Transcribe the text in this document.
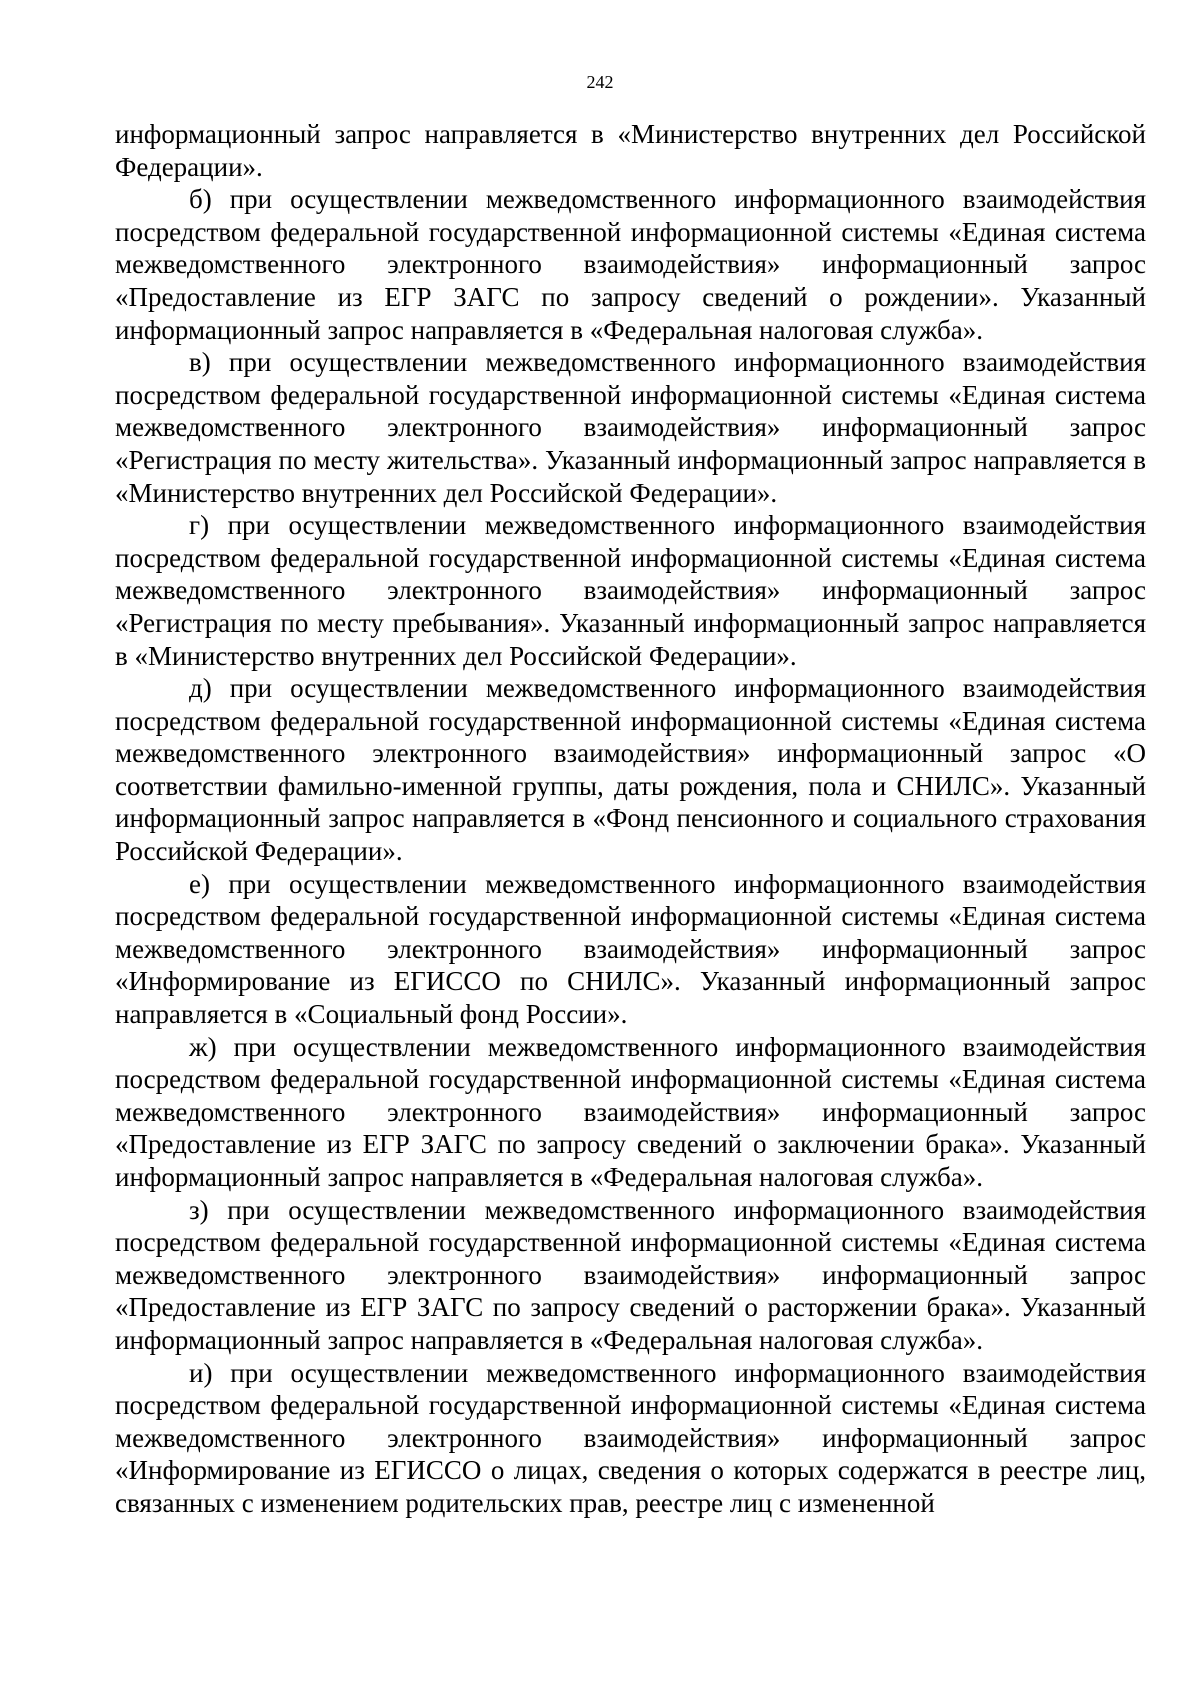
242

информационный запрос направляется в «Министерство внутренних дел Российской Федерации».

б) при осуществлении межведомственного информационного взаимодействия посредством федеральной государственной информационной системы «Единая система межведомственного электронного взаимодействия» информационный запрос «Предоставление из ЕГР ЗАГС по запросу сведений о рождении». Указанный информационный запрос направляется в «Федеральная налоговая служба».

в) при осуществлении межведомственного информационного взаимодействия посредством федеральной государственной информационной системы «Единая система межведомственного электронного взаимодействия» информационный запрос «Регистрация по месту жительства». Указанный информационный запрос направляется в «Министерство внутренних дел Российской Федерации».

г) при осуществлении межведомственного информационного взаимодействия посредством федеральной государственной информационной системы «Единая система межведомственного электронного взаимодействия» информационный запрос «Регистрация по месту пребывания». Указанный информационный запрос направляется в «Министерство внутренних дел Российской Федерации».

д) при осуществлении межведомственного информационного взаимодействия посредством федеральной государственной информационной системы «Единая система межведомственного электронного взаимодействия» информационный запрос «О соответствии фамильно-именной группы, даты рождения, пола и СНИЛС». Указанный информационный запрос направляется в «Фонд пенсионного и социального страхования Российской Федерации».

е) при осуществлении межведомственного информационного взаимодействия посредством федеральной государственной информационной системы «Единая система межведомственного электронного взаимодействия» информационный запрос «Информирование из ЕГИССО по СНИЛС». Указанный информационный запрос направляется в «Социальный фонд России».

ж) при осуществлении межведомственного информационного взаимодействия посредством федеральной государственной информационной системы «Единая система межведомственного электронного взаимодействия» информационный запрос «Предоставление из ЕГР ЗАГС по запросу сведений о заключении брака». Указанный информационный запрос направляется в «Федеральная налоговая служба».

з) при осуществлении межведомственного информационного взаимодействия посредством федеральной государственной информационной системы «Единая система межведомственного электронного взаимодействия» информационный запрос «Предоставление из ЕГР ЗАГС по запросу сведений о расторжении брака». Указанный информационный запрос направляется в «Федеральная налоговая служба».

и) при осуществлении межведомственного информационного взаимодействия посредством федеральной государственной информационной системы «Единая система межведомственного электронного взаимодействия» информационный запрос «Информирование из ЕГИССО о лицах, сведения о которых содержатся в реестре лиц, связанных с изменением родительских прав, реестре лиц с измененной
